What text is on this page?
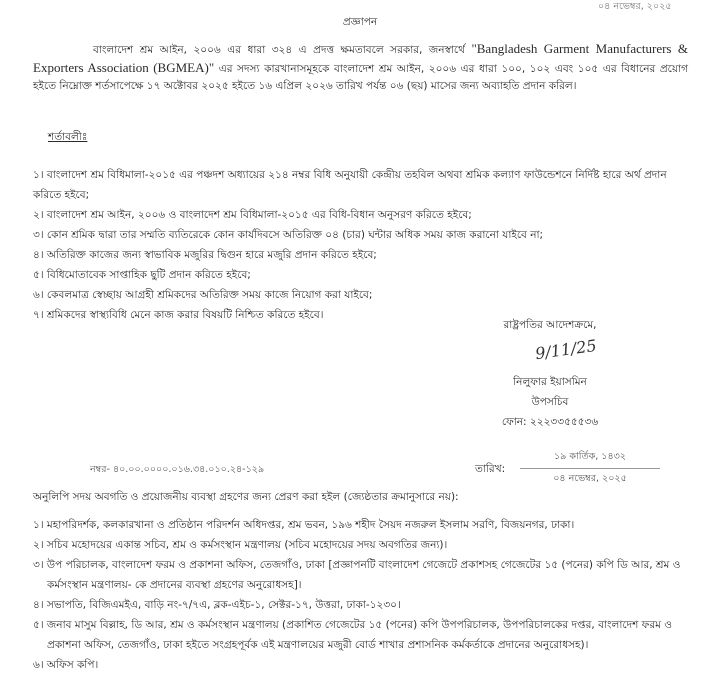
০৪ নভেম্বর, ২০২৫
প্রজ্ঞাপন
বাংলাদেশ শ্রম আইন, ২০০৬ এর ধারা ৩২৪ এ প্রদত্ত ক্ষমতাবলে সরকার, জনস্বার্থে "Bangladesh Garment Manufacturers & Exporters Association (BGMEA)" এর সদস্য কারখানাসমূহকে বাংলাদেশ শ্রম আইন, ২০০৬ এর ধারা ১০০, ১০২ এবং ১০৫ এর বিধানের প্রয়োগ হইতে নিম্নোক্ত শর্তসাপেক্ষে ১৭ অক্টোবর ২০২৫ হইতে ১৬ এপ্রিল ২০২৬ তারিখ পর্যন্ত ০৬ (ছয়) মাসের জন্য অব্যাহতি প্রদান করিল।
শর্তাবলীঃ
১। বাংলাদেশ শ্রম বিধিমালা-২০১৫ এর পঞ্চদশ অধ্যায়ের ২১৪ নম্বর বিধি অনুযায়ী কেন্দ্রীয় তহবিল অথবা শ্রমিক কল্যাণ ফাউন্ডেশনে নির্দিষ্ট হারে অর্থ প্রদান করিতে হইবে;
২। বাংলাদেশ শ্রম আইন, ২০০৬ ও বাংলাদেশ শ্রম বিধিমালা-২০১৫ এর বিধি-বিধান অনুসরণ করিতে হইবে;
৩। কোন শ্রমিক দ্বারা তার সম্মতি ব্যতিরেকে কোন কার্যদিবসে অতিরিক্ত ০৪ (চার) ঘন্টার অধিক সময় কাজ করানো যাইবে না;
৪। অতিরিক্ত কাজের জন্য স্বাভাবিক মজুরির দ্বিগুন হারে মজুরি প্রদান করিতে হইবে;
৫। বিধিমোতাবেক সাপ্তাহিক ছুটি প্রদান করিতে হইবে;
৬। কেবলমাত্র স্বেচ্ছায় আগ্রহী শ্রমিকদের অতিরিক্ত সময় কাজে নিয়োগ করা যাইবে;
৭। শ্রমিকদের স্বাস্থ্যবিধি মেনে কাজ করার বিষয়টি নিশ্চিত করিতে হইবে।
রাষ্ট্রপতির আদেশক্রমে,
9/11/25
নিলুফার ইয়াসমিন
উপসচিব
ফোন: ২২২৩৩৫৫৫৩৬
নম্বর- ৪০.০০.০০০০.০১৬.৩৪.০১০.২৪-১২৯	তারিখ:
১৯ কার্তিক, ১৪৩২
০৪ নভেম্বর, ২০২৫
অনুলিপি সদয় অবগতি ও প্রয়োজনীয় ব্যবস্থা গ্রহণের জন্য প্রেরণ করা হইল (জ্যেষ্ঠতার ক্রমানুসারে নয়):
১। মহাপরিদর্শক, কলকারখানা ও প্রতিষ্ঠান পরিদর্শন অধিদপ্তর, শ্রম ভবন, ১৯৬ শহীদ সৈয়দ নজরুল ইসলাম সরণি, বিজয়নগর, ঢাকা।
২। সচিব মহোদয়ের একান্ত সচিব, শ্রম ও কর্মসংস্থান মন্ত্রণালয় (সচিব মহোদয়ের সদয় অবগতির জন্য)।
৩। উপ পরিচালক, বাংলাদেশ ফরম ও প্রকাশনা অফিস, তেজগাঁও, ঢাকা [প্রজ্ঞাপনটি বাংলাদেশ গেজেটে প্রকাশসহ গেজেটের ১৫ (পনের) কপি ডি আর, শ্রম ও কর্মসংস্থান মন্ত্রণালয়- কে প্রদানের ব্যবস্থা গ্রহণের অনুরোধসহ]।
৪। সভাপতি, বিজিএমইএ, বাড়ি নং-৭/৭এ, ব্লক-এইচ-১, সেক্টর-১৭, উত্তরা, ঢাকা-১২৩০।
৫। জনাব মাসুম বিল্লাহ, ডি আর, শ্রম ও কর্মসংস্থান মন্ত্রণালয় (প্রকাশিত গেজেটের ১৫ (পনের) কপি উপপরিচালক, উপপরিচালকের দপ্তর, বাংলাদেশ ফরম ও প্রকাশনা অফিস, তেজগাঁও, ঢাকা হইতে সংগ্রহপূর্বক এই মন্ত্রণালয়ের মজুরী বোর্ড শাখার প্রশাসনিক কর্মকর্তাকে প্রদানের অনুরোধসহ)।
৬। অফিস কপি।
